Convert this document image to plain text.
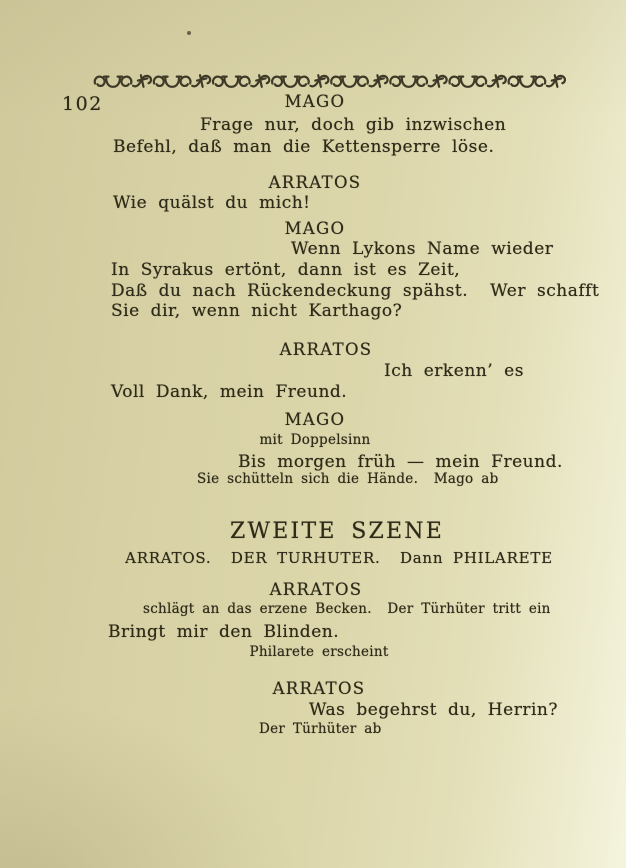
102	MAGO
Frage nur, doch gib inzwischen
Befehl, daß man die Kettensperre löse.
ARRATOS
Wie quälst du mich!
MAGO
Wenn Lykons Name wieder
In Syrakus ertönt, dann ist es Zeit,
Daß du nach Rückendeckung spähst.  Wer schafft
Sie dir, wenn nicht Karthago?
ARRATOS
Ich erkenn’ es
Voll Dank, mein Freund.
MAGO
mit Doppelsinn
Bis morgen früh — mein Freund.
Sie schütteln sich die Hände.  Mago ab
ZWEITE SZENE
ARRATOS.  DER TURHUTER.  Dann PHILARETE
ARRATOS
schlägt an das erzene Becken.  Der Türhüter tritt ein
Bringt mir den Blinden.
Philarete erscheint
ARRATOS
Was begehrst du, Herrin?
Der Türhüter ab
